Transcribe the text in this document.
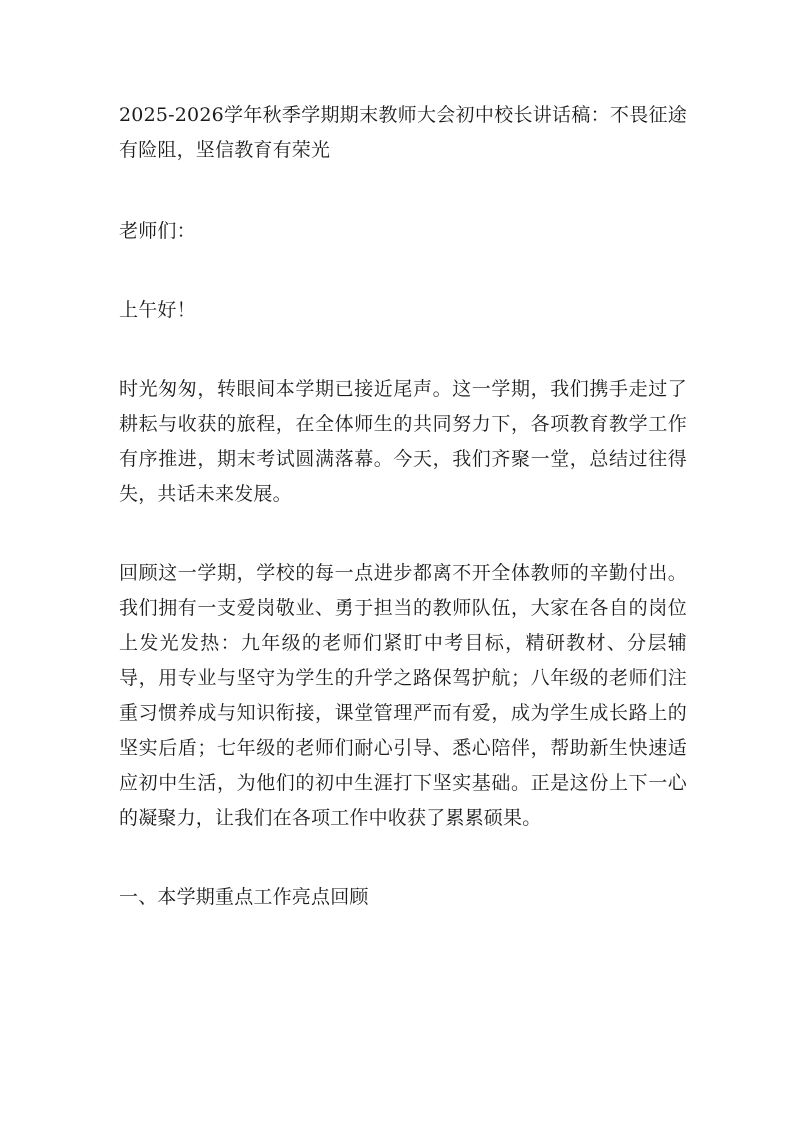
2025-2026学年秋季学期期末教师大会初中校长讲话稿：不畏征途有险阻，坚信教育有荣光

老师们：

上午好！

时光匆匆，转眼间本学期已接近尾声。这一学期，我们携手走过了耕耘与收获的旅程，在全体师生的共同努力下，各项教育教学工作有序推进，期末考试圆满落幕。今天，我们齐聚一堂，总结过往得失，共话未来发展。

回顾这一学期，学校的每一点进步都离不开全体教师的辛勤付出。我们拥有一支爱岗敬业、勇于担当的教师队伍，大家在各自的岗位上发光发热：九年级的老师们紧盯中考目标，精研教材、分层辅导，用专业与坚守为学生的升学之路保驾护航；八年级的老师们注重习惯养成与知识衔接，课堂管理严而有爱，成为学生成长路上的坚实后盾；七年级的老师们耐心引导、悉心陪伴，帮助新生快速适应初中生活，为他们的初中生涯打下坚实基础。正是这份上下一心的凝聚力，让我们在各项工作中收获了累累硕果。

一、本学期重点工作亮点回顾
